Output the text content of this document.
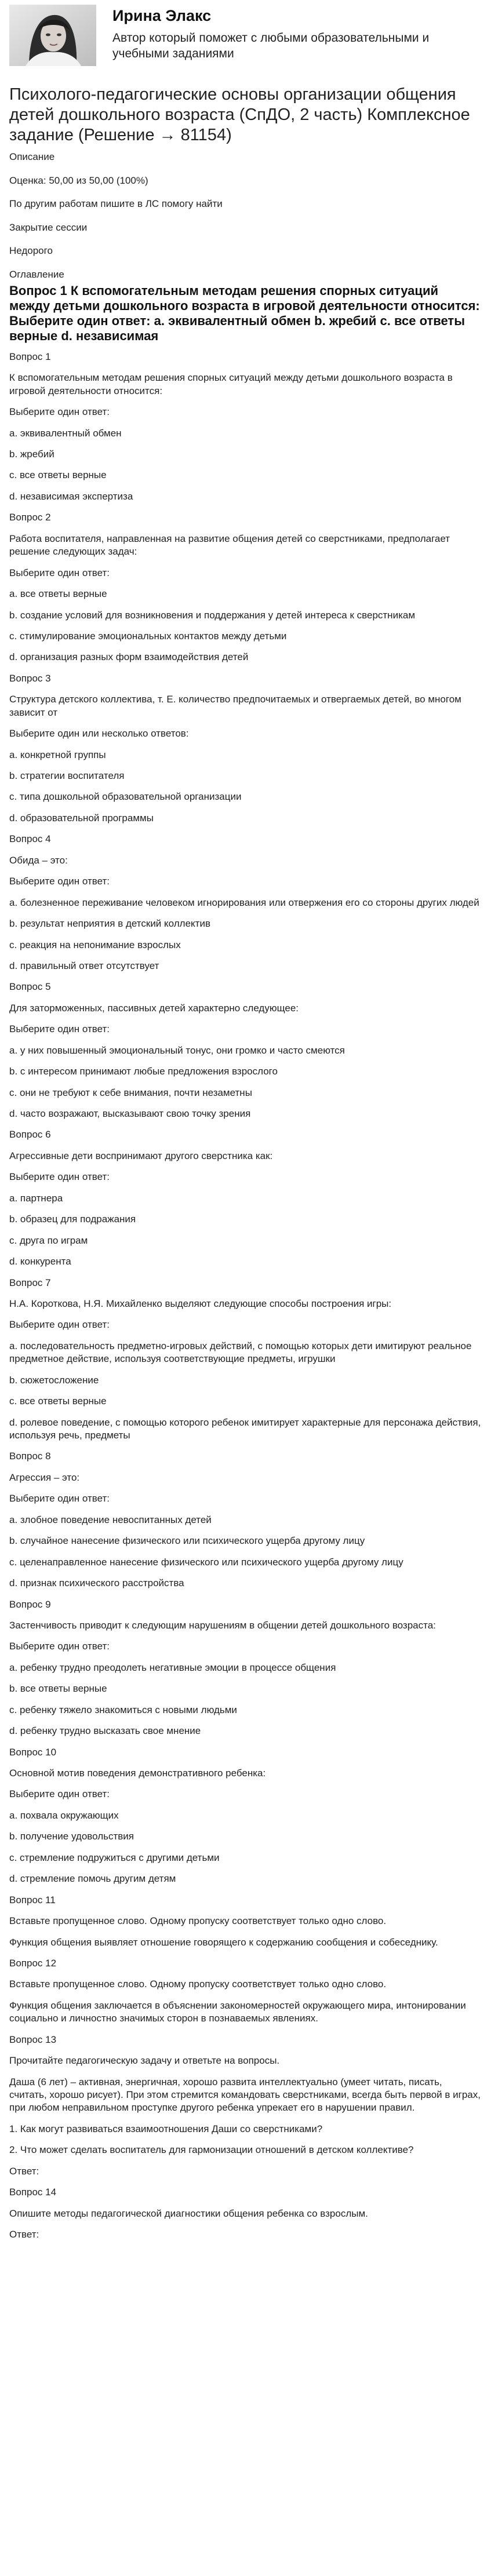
Ирина Элакс
Автор который поможет с любыми образовательными и учебными заданиями
Психолого-педагогические основы организации общения детей дошкольного возраста (СпДО, 2 часть) Комплексное задание (Решение → 81154)

Описание

Оценка: 50,00 из 50,00 (100%)

По другим работам пишите в ЛС помогу найти

Закрытие сессии

Недорого

Оглавление

Вопрос 1 К вспомогательным методам решения спорных ситуаций между детьми дошкольного возраста в игровой деятельности относится: Выберите один ответ: a. эквивалентный обмен b. жребий c. все ответы верные d. независимая

Вопрос 1

К вспомогательным методам решения спорных ситуаций между детьми дошкольного возраста в игровой деятельности относится:

Выберите один ответ:

a. эквивалентный обмен

b. жребий

c. все ответы верные

d. независимая экспертиза

Вопрос 2

Работа воспитателя, направленная на развитие общения детей со сверстниками, предполагает решение следующих задач:

Выберите один ответ:

a. все ответы верные

b. создание условий для возникновения и поддержания у детей интереса к сверстникам

c. стимулирование эмоциональных контактов между детьми

d. организация разных форм взаимодействия детей

Вопрос 3

Структура детского коллектива, т. Е. количество предпочитаемых и отвергаемых детей, во многом зависит от

Выберите один или несколько ответов:

a. конкретной группы

b. стратегии воспитателя

c. типа дошкольной образовательной организации

d. образовательной программы

Вопрос 4

Обида – это:

Выберите один ответ:

a. болезненное переживание человеком игнорирования или отвержения его со стороны других людей

b. результат неприятия в детский коллектив

c. реакция на непонимание взрослых

d. правильный ответ отсутствует

Вопрос 5

Для заторможенных, пассивных детей характерно следующее:

Выберите один ответ:

a. у них повышенный эмоциональный тонус, они громко и часто смеются

b. с интересом принимают любые предложения взрослого

c. они не требуют к себе внимания, почти незаметны

d. часто возражают, высказывают свою точку зрения

Вопрос 6

Агрессивные дети воспринимают другого сверстника как:

Выберите один ответ:

a. партнера

b. образец для подражания

c. друга по играм

d. конкурента

Вопрос 7

Н.А. Короткова, Н.Я. Михайленко выделяют следующие способы построения игры:

Выберите один ответ:

a. последовательность предметно-игровых действий, с помощью которых дети имитируют реальное предметное действие, используя соответствующие предметы, игрушки

b. сюжетосложение

c. все ответы верные

d. ролевое поведение, с помощью которого ребенок имитирует характерные для персонажа действия, используя речь, предметы

Вопрос 8

Агрессия – это:

Выберите один ответ:

a. злобное поведение невоспитанных детей

b. случайное нанесение физического или психического ущерба другому лицу

c. целенаправленное нанесение физического или психического ущерба другому лицу

d. признак психического расстройства

Вопрос 9

Застенчивость приводит к следующим нарушениям в общении детей дошкольного возраста:

Выберите один ответ:

a. ребенку трудно преодолеть негативные эмоции в процессе общения

b. все ответы верные

c. ребенку тяжело знакомиться с новыми людьми

d. ребенку трудно высказать свое мнение

Вопрос 10

Основной мотив поведения демонстративного ребенка:

Выберите один ответ:

a. похвала окружающих

b. получение удовольствия

c. стремление подружиться с другими детьми

d. стремление помочь другим детям

Вопрос 11

Вставьте пропущенное слово. Одному пропуску соответствует только одно слово.

Функция общения выявляет отношение говорящего к содержанию сообщения и собеседнику.

Вопрос 12

Вставьте пропущенное слово. Одному пропуску соответствует только одно слово.

Функция общения заключается в объяснении закономерностей окружающего мира, интонировании социально и личностно значимых сторон в познаваемых явлениях.

Вопрос 13

Прочитайте педагогическую задачу и ответьте на вопросы.

Даша (6 лет) – активная, энергичная, хорошо развита интеллектуально (умеет читать, писать, считать, хорошо рисует). При этом стремится командовать сверстниками, всегда быть первой в играх, при любом неправильном проступке другого ребенка упрекает его в нарушении правил.

1. Как могут развиваться взаимоотношения Даши со сверстниками?

2. Что может сделать воспитатель для гармонизации отношений в детском коллективе?

Ответ:

Вопрос 14

Опишите методы педагогической диагностики общения ребенка со взрослым.

Ответ:
